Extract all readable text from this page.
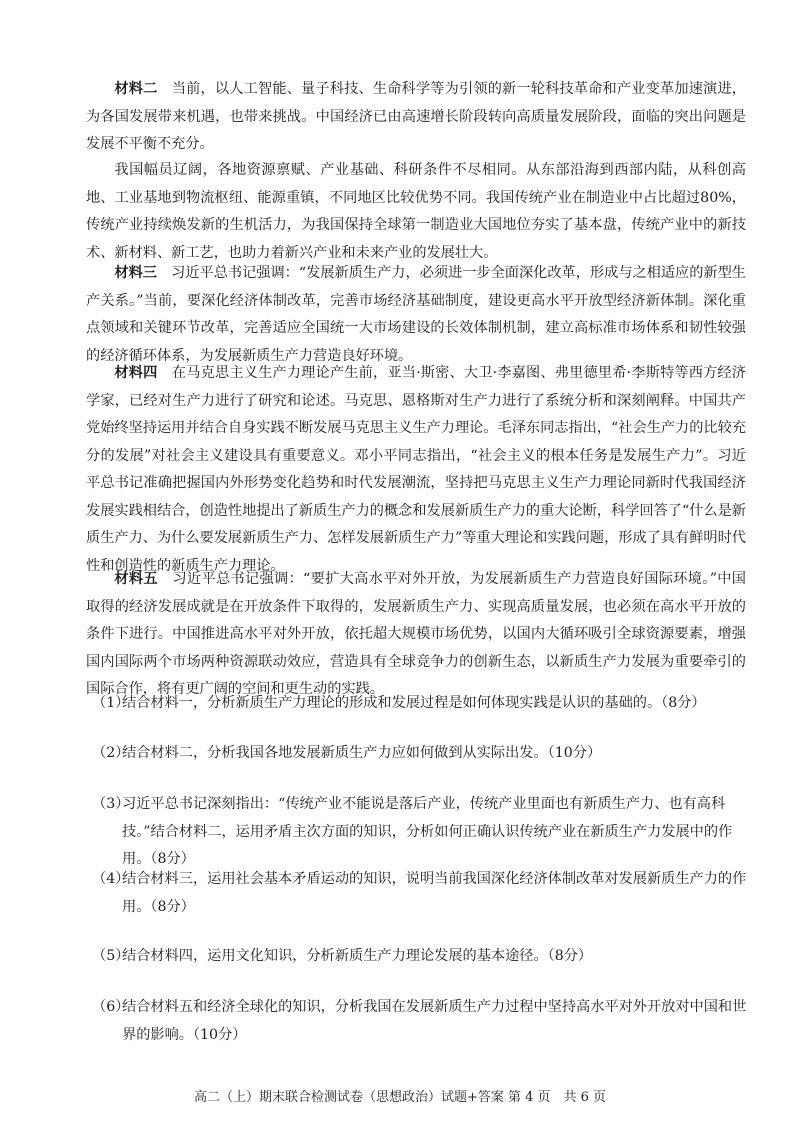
材料二　 当前，以人工智能、量子科技、生命科学等为引领的新一轮科技革命和产业变革加速演进，为各国发展带来机遇，也带来挑战。中国经济已由高速增长阶段转向高质量发展阶段，面临的突出问题是发展不平衡不充分。

我国幅员辽阔，各地资源禀赋、产业基础、科研条件不尽相同。从东部沿海到西部内陆，从科创高地、工业基地到物流枢纽、能源重镇，不同地区比较优势不同。我国传统产业在制造业中占比超过80%，传统产业持续焕发新的生机活力，为我国保持全球第一制造业大国地位夯实了基本盘，传统产业中的新技术、新材料、新工艺，也助力着新兴产业和未来产业的发展壮大。

材料三　 习近平总书记强调：“发展新质生产力，必须进一步全面深化改革，形成与之相适应的新型生产关系。”当前，要深化经济体制改革，完善市场经济基础制度，建设更高水平开放型经济新体制。深化重点领域和关键环节改革，完善适应全国统一大市场建设的长效体制机制，建立高标准市场体系和韧性较强的经济循环体系，为发展新质生产力营造良好环境。

材料四　 在马克思主义生产力理论产生前，亚当·斯密、大卫·李嘉图、弗里德里希·李斯特等西方经济学家，已经对生产力进行了研究和论述。马克思、恩格斯对生产力进行了系统分析和深刻阐释。中国共产党始终坚持运用并结合自身实践不断发展马克思主义生产力理论。毛泽东同志指出，“社会生产力的比较充分的发展”对社会主义建设具有重要意义。邓小平同志指出，“社会主义的根本任务是发展生产力”。习近平总书记准确把握国内外形势变化趋势和时代发展潮流，坚持把马克思主义生产力理论同新时代我国经济发展实践相结合，创造性地提出了新质生产力的概念和发展新质生产力的重大论断，科学回答了“什么是新质生产力、为什么要发展新质生产力、怎样发展新质生产力”等重大理论和实践问题，形成了具有鲜明时代性和创造性的新质生产力理论。

材料五　 习近平总书记强调：“要扩大高水平对外开放，为发展新质生产力营造良好国际环境。”中国取得的经济发展成就是在开放条件下取得的，发展新质生产力、实现高质量发展，也必须在高水平开放的条件下进行。中国推进高水平对外开放，依托超大规模市场优势，以国内大循环吸引全球资源要素，增强国内国际两个市场两种资源联动效应，营造具有全球竞争力的创新生态，以新质生产力发展为重要牵引的国际合作，将有更广阔的空间和更生动的实践。

（1）
结合材料一，分析新质生产力理论的形成和发展过程是如何体现实践是认识的基础的。（8分）
（2）
结合材料二，分析我国各地发展新质生产力应如何做到从实际出发。（10分）
（3）
习近平总书记深刻指出：“传统产业不能说是落后产业，传统产业里面也有新质生产力、也有高科技。”结合材料二，运用矛盾主次方面的知识，分析如何正确认识传统产业在新质生产力发展中的作用。（8分）
（4）
结合材料三，运用社会基本矛盾运动的知识，说明当前我国深化经济体制改革对发展新质生产力的作用。（8分）
（5）
结合材料四，运用文化知识，分析新质生产力理论发展的基本途径。（8分）
（6）
结合材料五和经济全球化的知识，分析我国在发展新质生产力过程中坚持高水平对外开放对中国和世界的影响。（10分）
高二（上）期末联合检测试卷（思想政治）试题+答案 第 4 页　共 6 页
